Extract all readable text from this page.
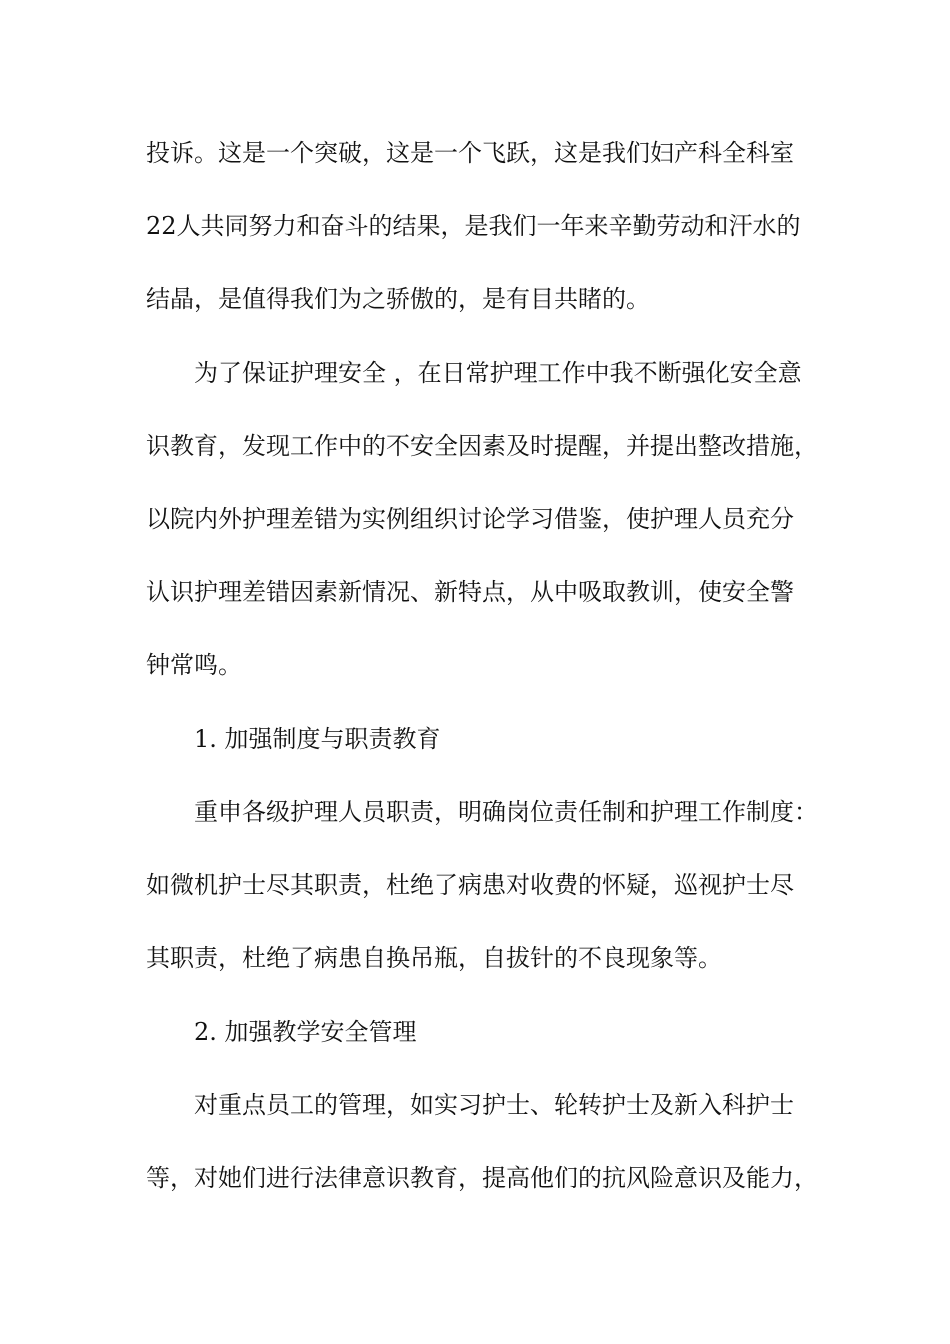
投诉。这是一个突破，这是一个飞跃，这是我们妇产科全科室
22人共同努力和奋斗的结果，是我们一年来辛勤劳动和汗水的
结晶，是值得我们为之骄傲的，是有目共睹的。
为了保证护理安全 ，在日常护理工作中我不断强化安全意
识教育，发现工作中的不安全因素及时提醒，并提出整改措施，
以院内外护理差错为实例组织讨论学习借鉴，使护理人员充分
认识护理差错因素新情况、新特点，从中吸取教训，使安全警
钟常鸣。
1. 加强制度与职责教育
重申各级护理人员职责，明确岗位责任制和护理工作制度：
如微机护士尽其职责，杜绝了病患对收费的怀疑，巡视护士尽
其职责，杜绝了病患自换吊瓶，自拔针的不良现象等。
2. 加强教学安全管理
对重点员工的管理，如实习护士、轮转护士及新入科护士
等，对她们进行法律意识教育，提高他们的抗风险意识及能力，
